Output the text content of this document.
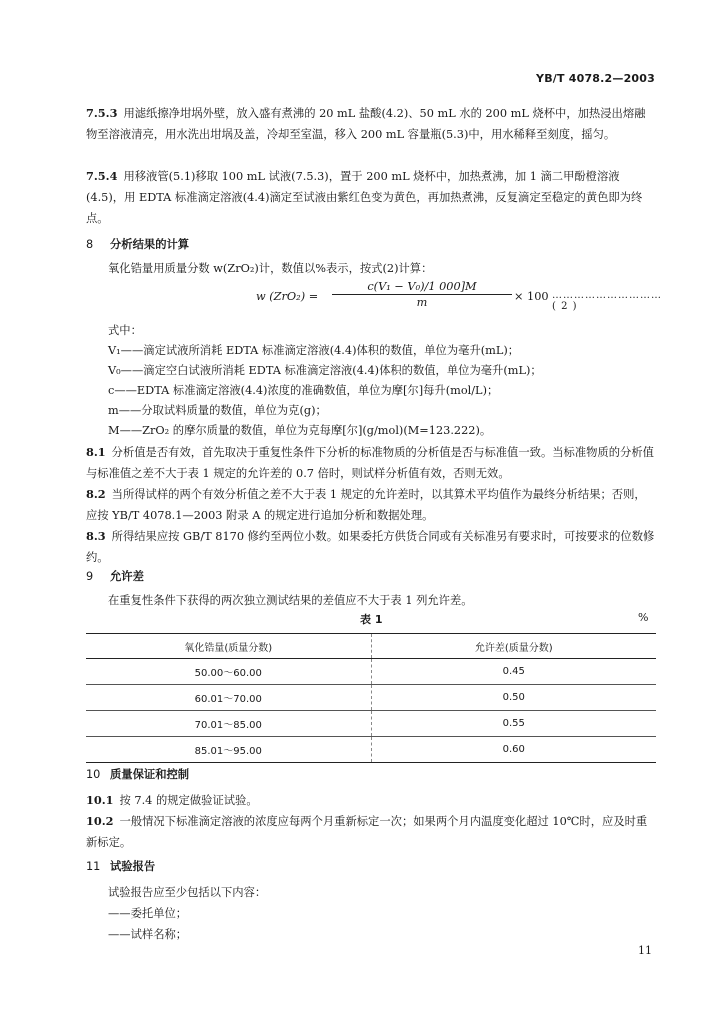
YB/T 4078.2—2003

7.5.3 用滤纸擦净坩埚外壁，放入盛有煮沸的 20 mL 盐酸(4.2)、50 mL 水的 200 mL 烧杯中，加热浸出熔融物至溶液清亮，用水洗出坩埚及盖，冷却至室温，移入 200 mL 容量瓶(5.3)中，用水稀释至刻度，摇匀。

7.5.4 用移液管(5.1)移取 100 mL 试液(7.5.3)，置于 200 mL 烧杯中，加热煮沸，加 1 滴二甲酚橙溶液(4.5)，用 EDTA 标准滴定溶液(4.4)滴定至试液由紫红色变为黄色，再加热煮沸，反复滴定至稳定的黄色即为终点。

8 分析结果的计算
氧化锆量用质量分数 w(ZrO₂)计，数值以%表示，按式(2)计算：
w $(ZrO_2) = \frac{\text{c(V₁ − V₀)/1 000]M}}{m} \times 100$ ………………………… ( 2 )
式中：
V₁——滴定试液所消耗 EDTA 标准滴定溶液(4.4)体积的数值，单位为毫升(mL)；
V₀——滴定空白试液所消耗 EDTA 标准滴定溶液(4.4)体积的数值，单位为毫升(mL)；
c——EDTA 标准滴定溶液(4.4)浓度的准确数值，单位为摩[尔]每升(mol/L)；
m——分取试料质量的数值，单位为克(g)；
M——ZrO₂ 的摩尔质量的数值，单位为克每摩[尔](g/mol)(M=123.222)。

8.1 分析值是否有效，首先取决于重复性条件下分析的标准物质的分析值是否与标准值一致。当标准物质的分析值与标准值之差不大于表 1 规定的允许差的 0.7 倍时，则试样分析值有效，否则无效。

8.2 当所得试样的两个有效分析值之差不大于表 1 规定的允许差时，以其算术平均值作为最终分析结果；否则，应按 YB/T 4078.1—2003 附录 A 的规定进行追加分析和数据处理。

8.3 所得结果应按 GB/T 8170 修约至两位小数。如果委托方供货合同或有关标准另有要求时，可按要求的位数修约。

9 允许差
在重复性条件下获得的两次独立测试结果的差值应不大于表 1 列允许差。
表 1	%
氧化锆量(质量分数)	允许差(质量分数)
50.00～60.00	0.45
60.01～70.00	0.50
70.01～85.00	0.55
85.01～95.00	0.60
10 质量保证和控制

10.1 按 7.4 的规定做验证试验。

10.2 一般情况下标准滴定溶液的浓度应每两个月重新标定一次；如果两个月内温度变化超过 10℃时，应及时重新标定。

11 试验报告
试验报告应至少包括以下内容：
——委托单位；
——试样名称；
11
